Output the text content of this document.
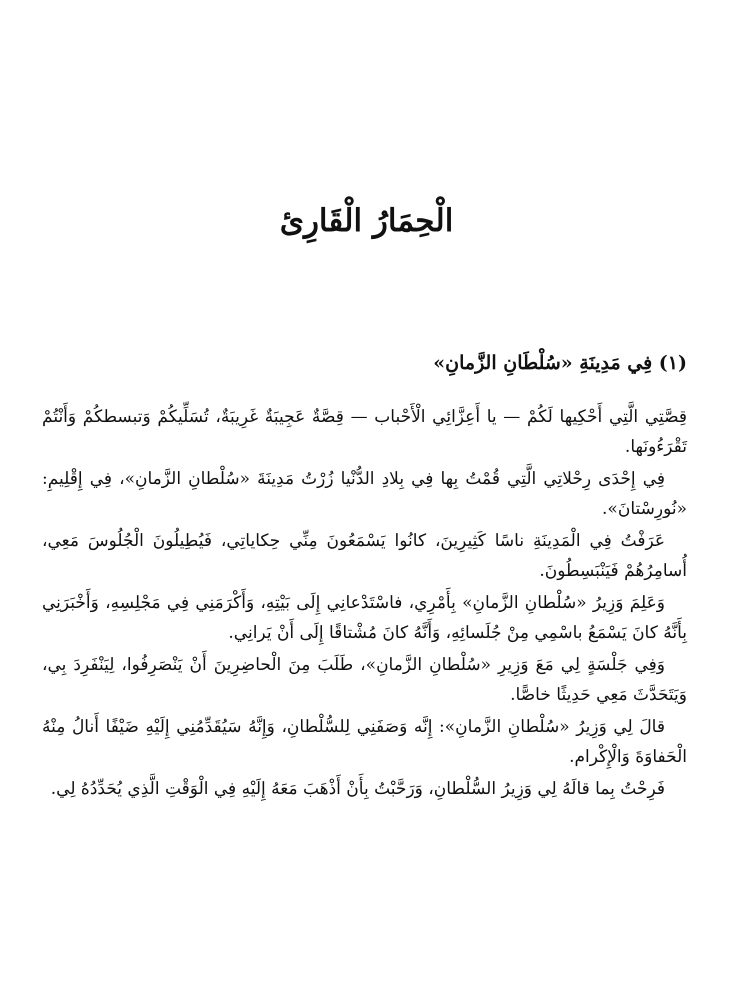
الْحِمَارُ الْقَارِئ
(١) فِي مَدِينَةِ «سُلْطَانِ الزَّمانِ»

قِصَّتِي الَّتِي أَحْكِيها لَكُمْ — يا أَعِزَّائِي الْأَحْباب — قِصَّةٌ عَجِيبَةٌ غَرِيبَةٌ، تُسَلِّيكُمْ وَتبسطكُمْ وَأَنْتُمْ تَقْرَءُونَها.

فِي إِحْدَى رِحْلاتِي الَّتِي قُمْتُ بِها فِي بِلادِ الدُّنْيا زُرْتُ مَدِينَةَ «سُلْطانِ الزَّمانِ»، فِي إِقْلِيمِ: «نُورِسْتانَ».

عَرَفْتُ فِي الْمَدِينَةِ ناسًا كَثِيرِينَ، كانُوا يَسْمَعُونَ مِنِّي حِكاياتِي، فَيُطِيلُونَ الْجُلُوسَ مَعِي، أُسامِرُهُمْ فَيَنْبَسِطُونَ.

وَعَلِمَ وَزِيرُ «سُلْطانِ الزَّمانِ» بِأَمْرِي، فاسْتَدْعانِي إِلَى بَيْتِهِ، وَأَكْرَمَنِي فِي مَجْلِسِهِ، وَأَخْبَرَنِي بِأَنَّهُ كانَ يَسْمَعُ باسْمِي مِنْ جُلَسائِهِ، وَأَنَّهُ كانَ مُشْتاقًا إِلَى أَنْ يَرانِي.

وَفِي جَلْسَةٍ لِي مَعَ وَزِيرِ «سُلْطانِ الزَّمانِ»، طَلَبَ مِنَ الْحاضِرِينَ أَنْ يَنْصَرِفُوا، لِيَنْفَرِدَ بِي، وَيَتَحَدَّثَ مَعِي حَدِيثًا خاصًّا.

قالَ لِي وَزِيرُ «سُلْطانِ الزَّمانِ»: إِنَّه وَصَفَنِي لِلسُّلْطانِ، وَإِنَّهُ سَيُقَدِّمُنِي إِلَيْهِ ضَيْفًا أَنالُ مِنْهُ الْحَفاوَةَ وَالْإِكْرام.

فَرِحْتُ بِما قالَهُ لِي وَزِيرُ السُّلْطانِ، وَرَحَّبْتُ بِأَنْ أَذْهَبَ مَعَهُ إِلَيْهِ فِي الْوَقْتِ الَّذِي يُحَدِّدُهُ لِي.
